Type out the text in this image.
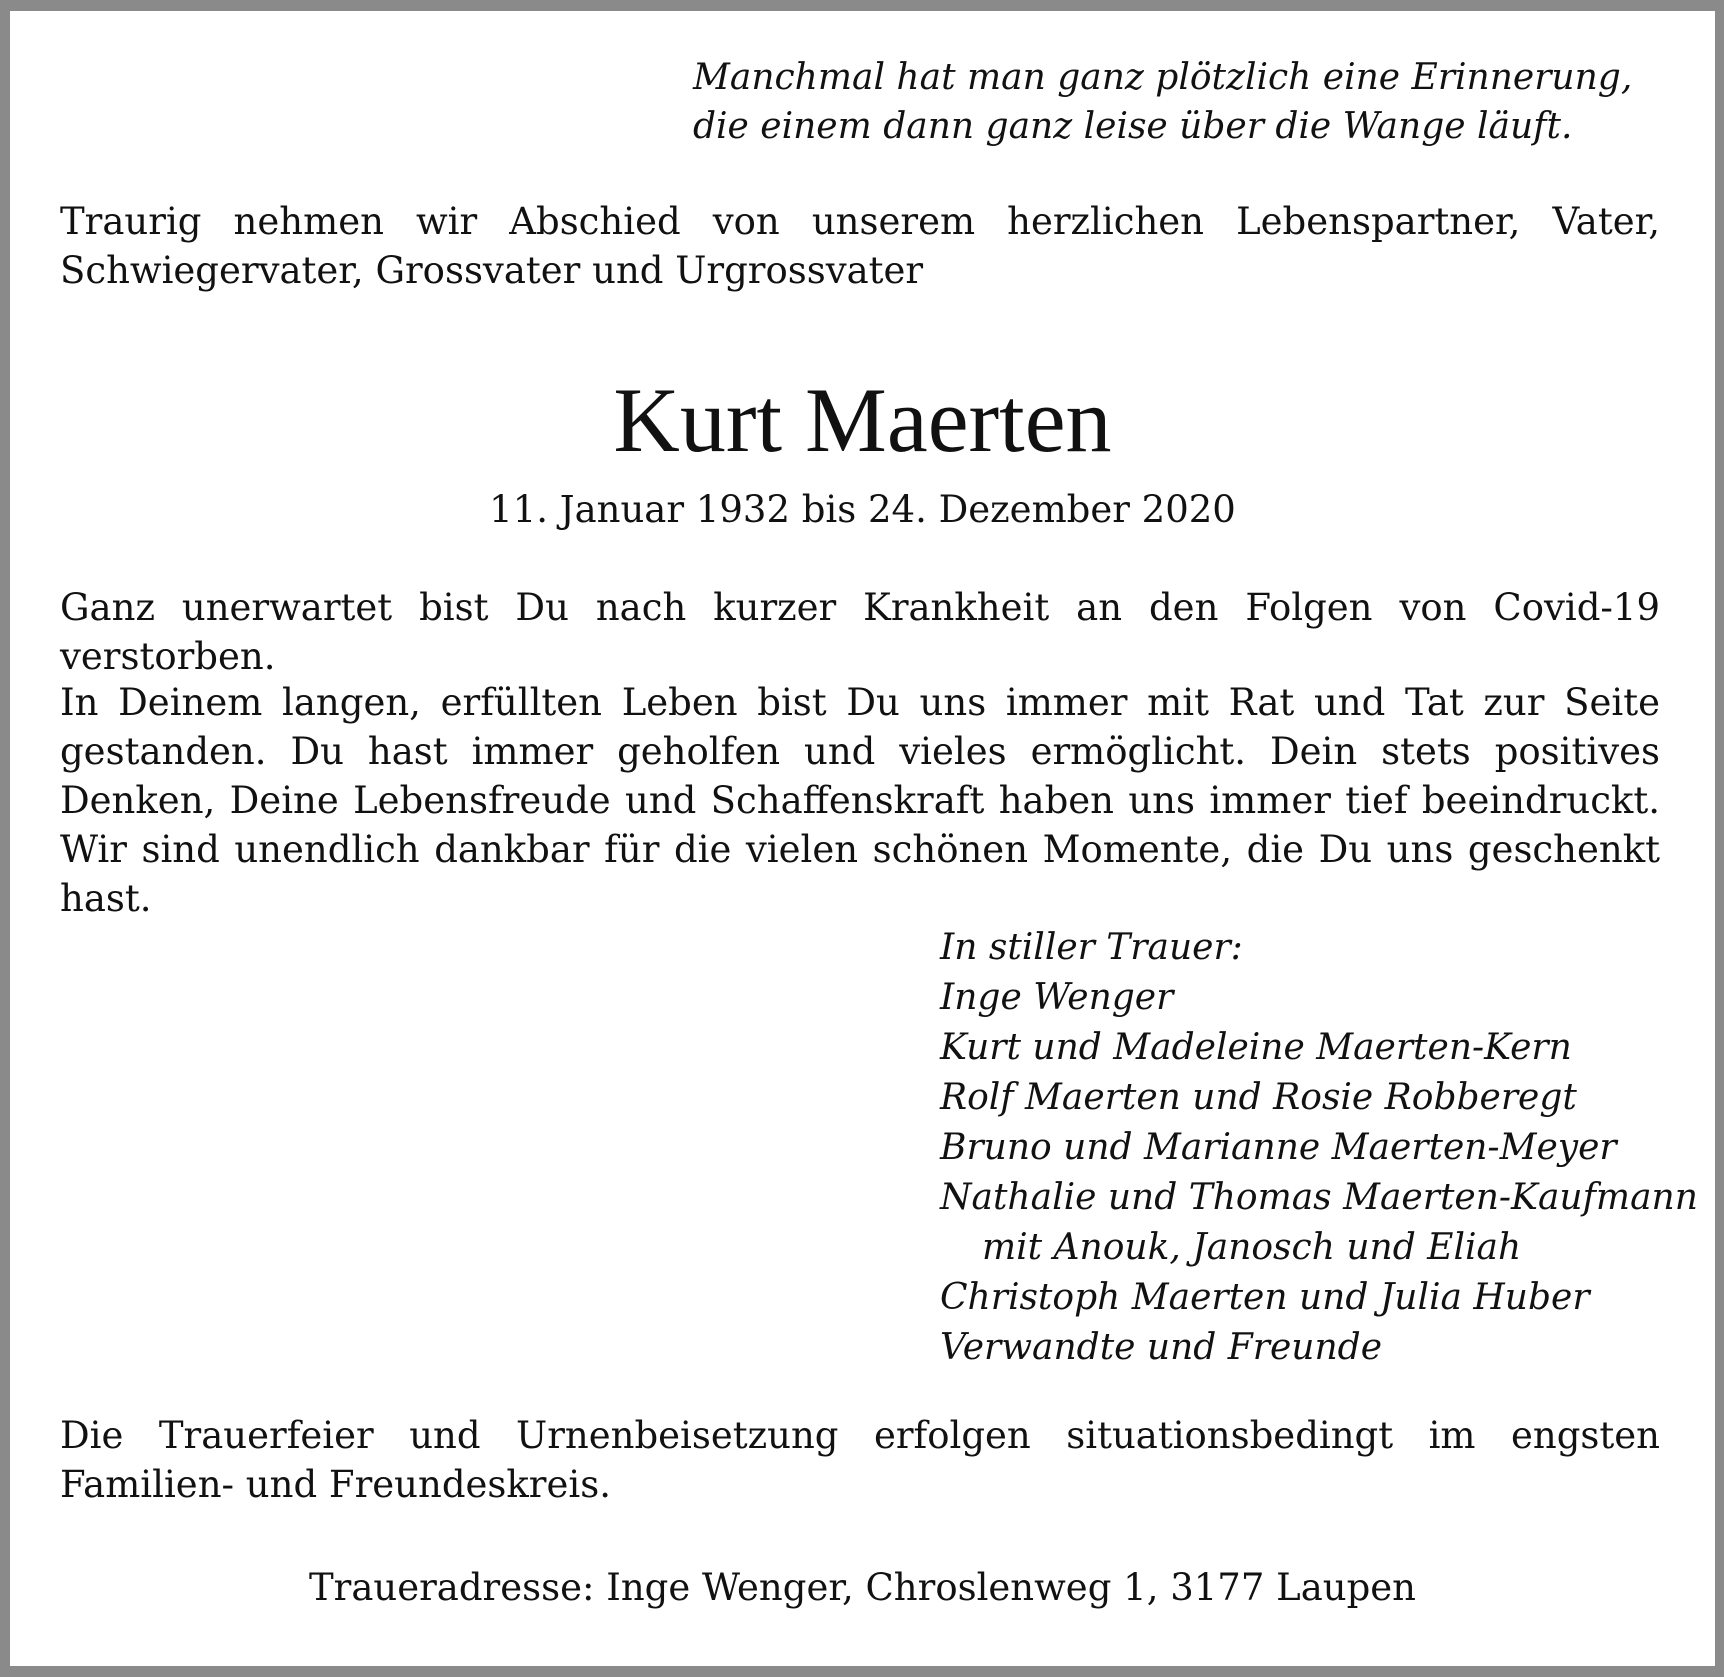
Manchmal hat man ganz plötzlich eine Erinnerung,
die einem dann ganz leise über die Wange läuft.
Traurig nehmen wir Abschied von unserem herzlichen Lebenspartner, Vater, Schwiegervater, Grossvater und Urgrossvater
Kurt Maerten
11. Januar 1932 bis 24. Dezember 2020
Ganz unerwartet bist Du nach kurzer Krankheit an den Folgen von Covid-19 verstorben.
In Deinem langen, erfüllten Leben bist Du uns immer mit Rat und Tat zur Seite gestanden. Du hast immer geholfen und vieles ermöglicht. Dein stets positives Denken, Deine Lebensfreude und Schaffenskraft haben uns immer tief beeindruckt. Wir sind unendlich dankbar für die vielen schönen Momente, die Du uns geschenkt hast.
In stiller Trauer:
Inge Wenger
Kurt und Madeleine Maerten-Kern
Rolf Maerten und Rosie Robberegt
Bruno und Marianne Maerten-Meyer
Nathalie und Thomas Maerten-Kaufmann
mit Anouk, Janosch und Eliah
Christoph Maerten und Julia Huber
Verwandte und Freunde
Die Trauerfeier und Urnenbeisetzung erfolgen situationsbedingt im engsten Familien- und Freundeskreis.
Traueradresse: Inge Wenger, Chroslenweg 1, 3177 Laupen
